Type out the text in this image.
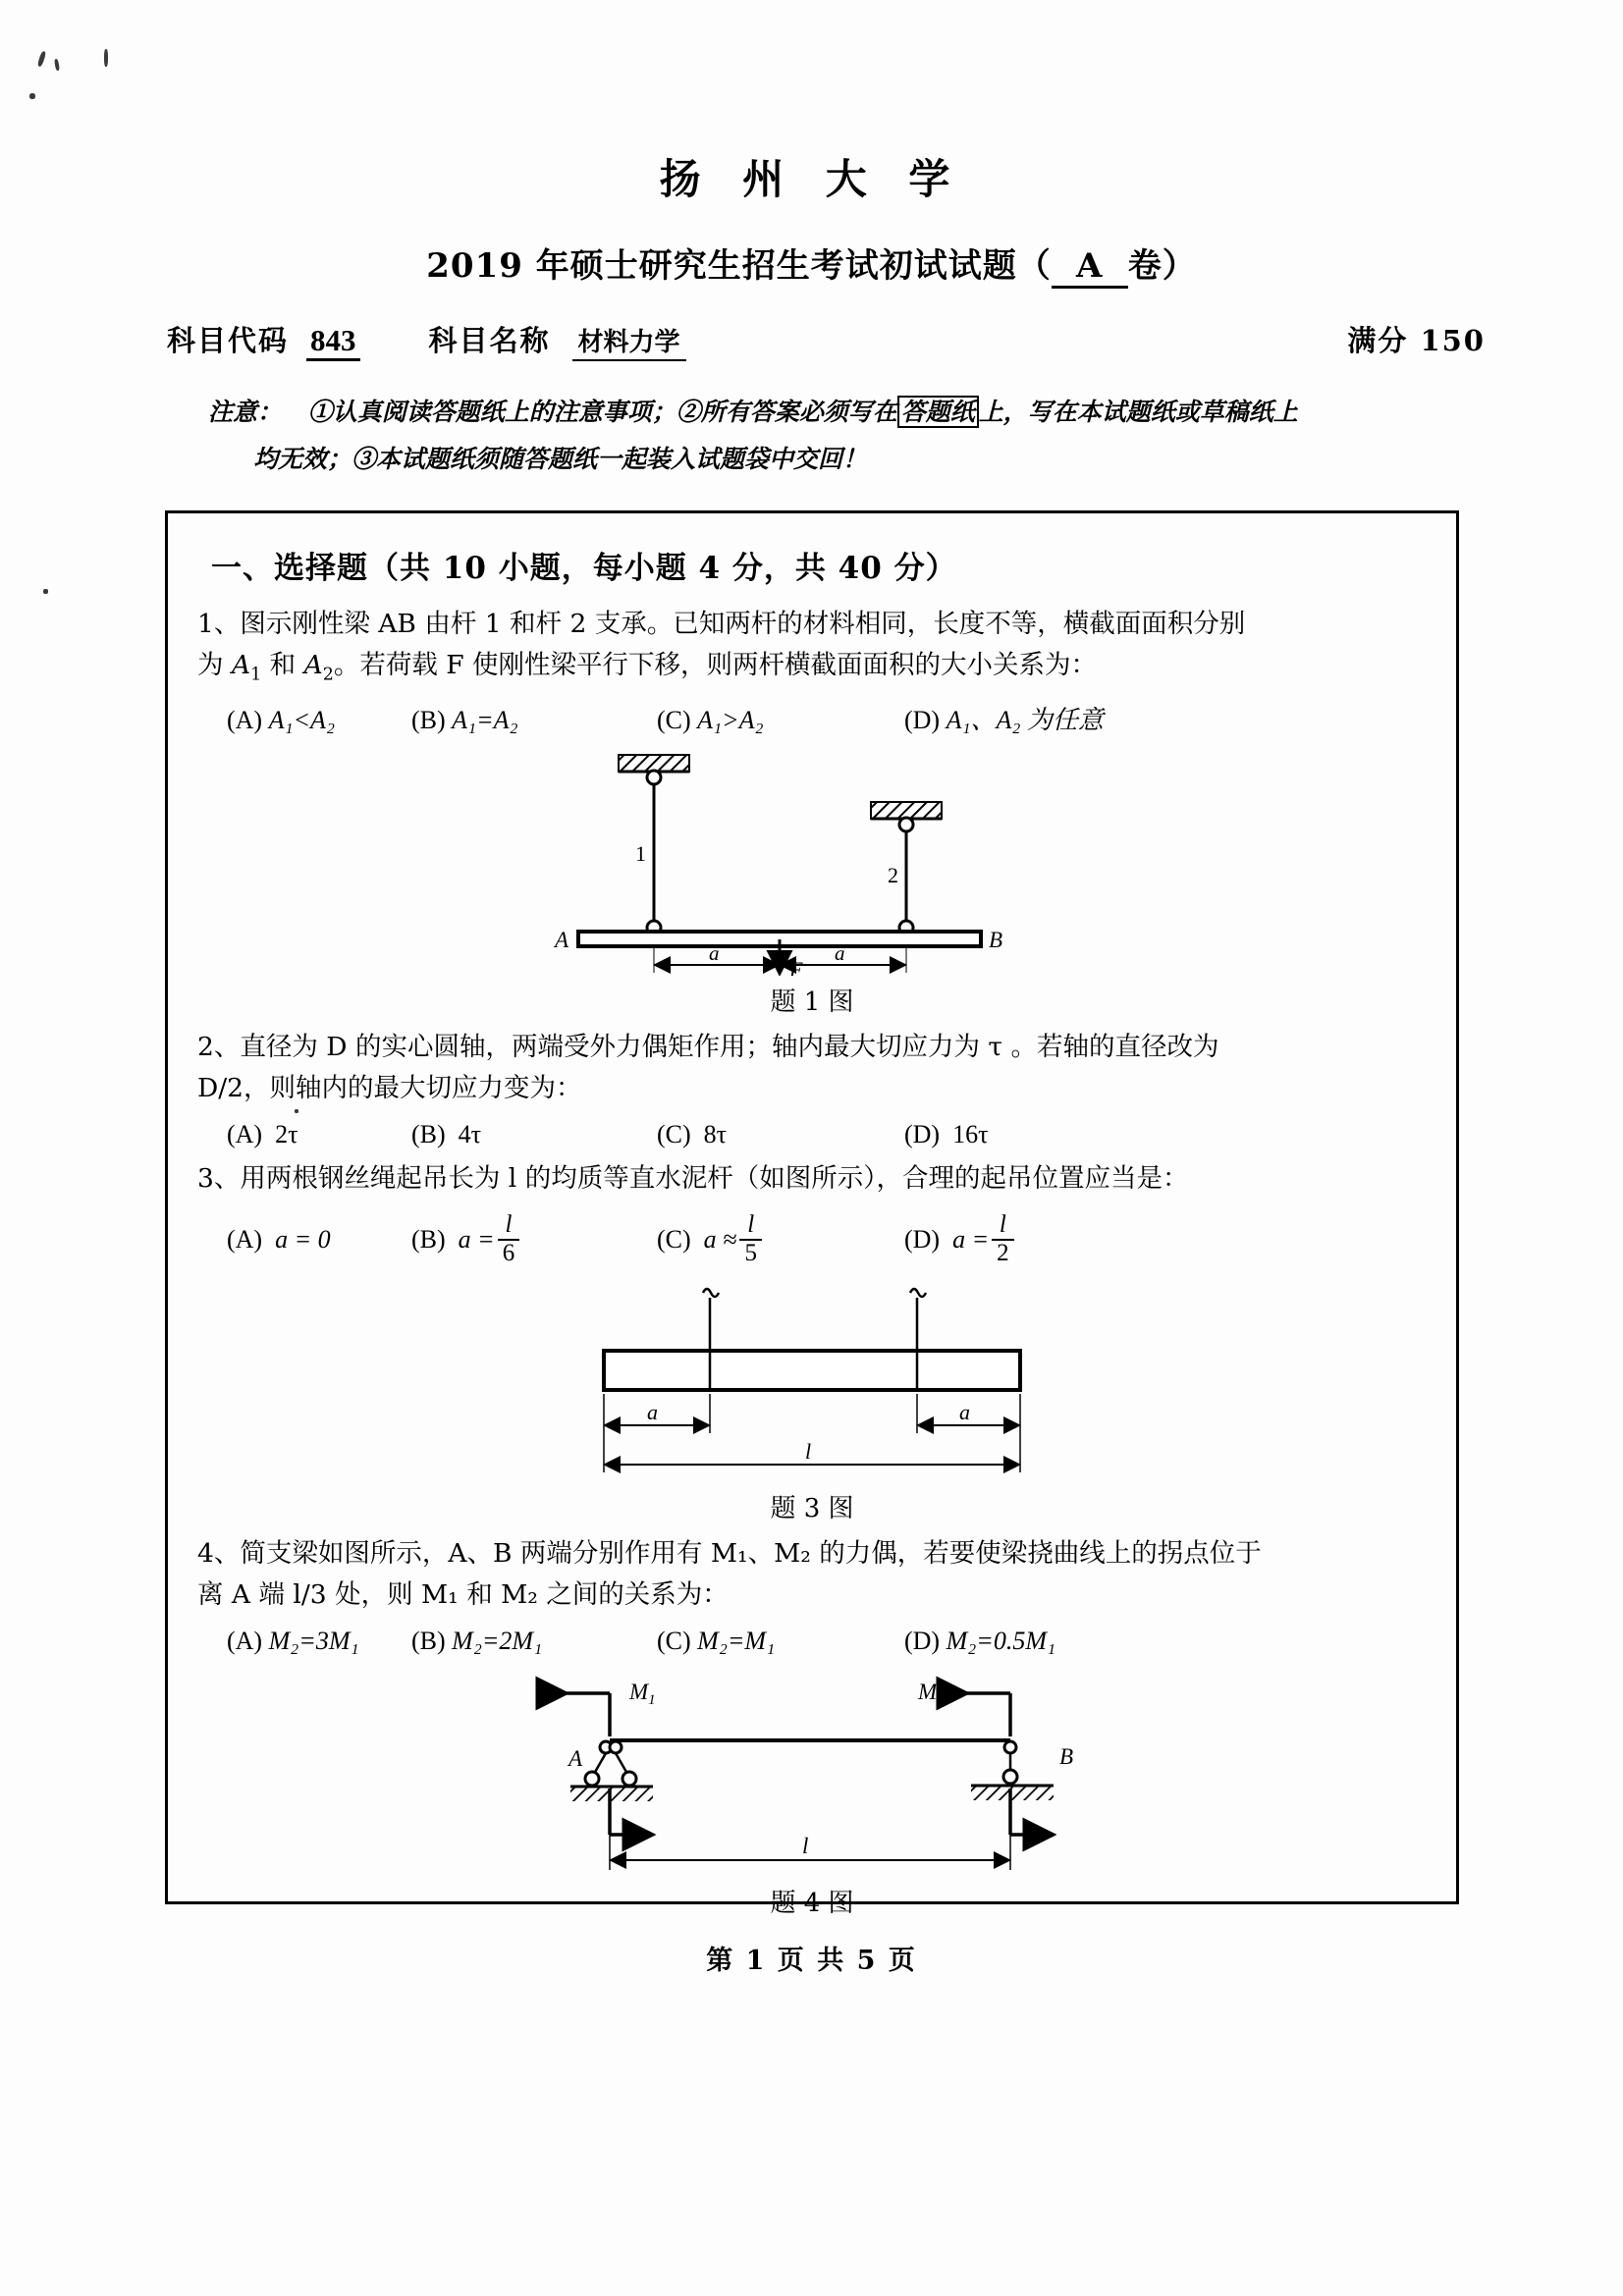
扬 州 大 学
2019 年硕士研究生招生考试初试试题（ A 卷）
科目代码 843	科目名称 材料力学	满分 150
注意： ①认真阅读答题纸上的注意事项；②所有答案必须写在 答题纸 上，写在本试题纸或草稿纸上
均无效；③本试题纸须随答题纸一起装入试题袋中交回！
一、选择题（共 10 小题，每小题 4 分，共 40 分）
1、图示刚性梁 AB 由杆 1 和杆 2 支承。已知两杆的材料相同，长度不等，横截面面积分别
为 $A_1$ 和 $A_2$。若荷载 F 使刚性梁平行下移，则两杆横截面面积的大小关系为：
(A)
A₁<A₂	(B)
A₁=A₂	(C)
A₁>A₂	(D)
A₁、A₂ 为任意
1
2
A	B
a	a
F
题 1 图
2、直径为 D 的实心圆轴，两端受外力偶矩作用；轴内最大切应力为 τ 。若轴的直径改为
D/2，则轴内的最大切应力变为：
(A)
2τ	(B)
4τ	(C)
8τ	(D)
16τ
3、用两根钢丝绳起吊长为 l 的均质等直水泥杆（如图所示），合理的起吊位置应当是：
(A)
a = 0	(B)
$a = \frac{l}{6}$	(C)
$a \approx \frac{l}{5}$	(D)
$a = \frac{l}{2}$
a	a
l
题 3 图
4、简支梁如图所示，A、B 两端分别作用有 M₁、M₂ 的力偶，若要使梁挠曲线上的拐点位于
离 A 端 l/3 处，则 M₁ 和 M₂ 之间的关系为：
(A)
M₂=3M₁ (B)
M₂=2M₁	(C)
M₂=M₁	(D)
M₂=0.5M₁
$M_1$
A
$M_2$
B
l
题 4 图
第 1 页 共 5 页
